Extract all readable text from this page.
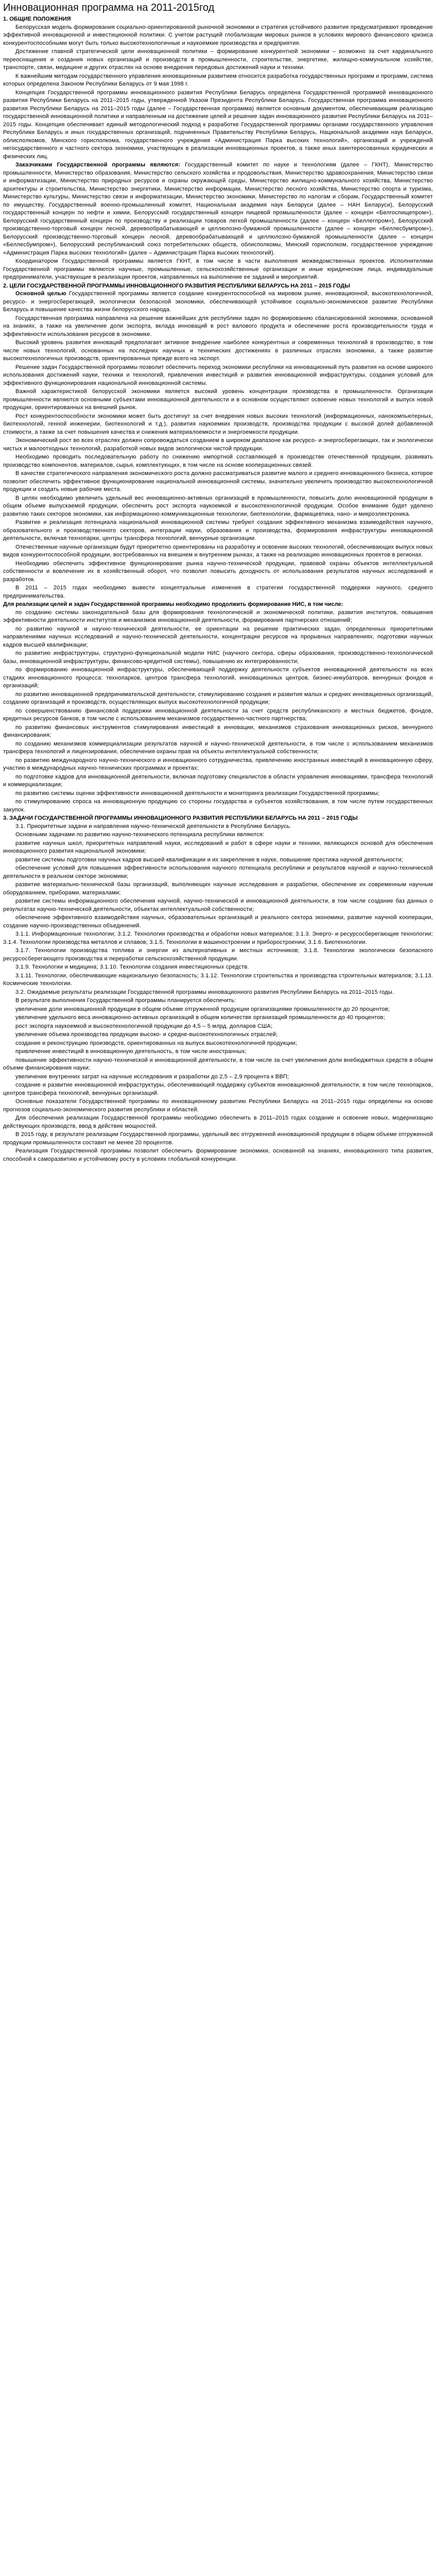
Инновационная программа на 2011-2015год
1. ОБЩИЕ ПОЛОЖЕНИЯ

Белорусская модель формирования социально-ориентированной рыночной экономики и стратегия устойчивого развития предусматривают проведение эффективной инновационной и инвестиционной политики. С учетом растущей глобализации мировых рынков в условиях мирового финансового кризиса конкурентоспособными могут быть только высокотехнологичные и наукоемкие производства и предприятия.

Достижение главной стратегической цели инновационной политики – формирование конкурентной экономики – возможно за счет кардинального переоснащения и создания новых организаций и производств в промышленности, строительстве, энергетике, жилищно-коммунальном хозяйстве, транспорте, связи, медицине и других отраслях на основе внедрения передовых достижений науки и техники.

К важнейшим методам государственного управления инновационным развитием относится разработка государственных программ и программ, система которых определена Законом Республики Беларусь от 9 мая 1998 г.

Концепция Государственной программы инновационного развития Республики Беларусь определена Государственной программой инновационного развития Республики Беларусь на 2011–2015 годы, утвержденной Указом Президента Республики Беларусь. Государственная программа инновационного развития Республики Беларусь на 2011–2015 годы (далее – Государственная программа) является основным документом, обеспечивающим реализацию государственной инновационной политики и направленным на достижение целей и решение задач инновационного развития Республики Беларусь на 2011–2015 годы. Концепция обеспечивает единый методологический подход к разработке Государственной программы органами государственного управления Республики Беларусь и иных государственных организаций, подчиненных Правительству Республики Беларусь, Национальной академии наук Беларуси, облисполкомов, Минского горисполкома, государственного учреждения «Администрация Парка высоких технологий», организаций и учреждений негосударственного и частного сектора экономики, участвующих в реализации инновационных проектов, а также иных заинтересованных юридических и физических лиц.

Заказчиками Государственной программы являются: Государственный комитет по науке и технологиям (далее – ГКНТ), Министерство промышленности, Министерство образования, Министерство сельского хозяйства и продовольствия, Министерство здравоохранения, Министерство связи и информатизации, Министерство природных ресурсов и охраны окружающей среды, Министерство жилищно-коммунального хозяйства, Министерство архитектуры и строительства, Министерство энергетики, Министерство информации, Министерство лесного хозяйства, Министерство спорта и туризма, Министерство культуры, Министерство связи и информатизации, Министерство экономики, Министерство по налогам и сборам, Государственный комитет по имуществу, Государственный военно-промышленный комитет, Национальная академия наук Беларуси (далее – НАН Беларуси), Белорусский государственный концерн по нефти и химии, Белорусский государственный концерн пищевой промышленности (далее – концерн «Белгоспищепром»), Белорусский государственный концерн по производству и реализации товаров легкой промышленности (далее – концерн «Беллегпром»), Белорусский производственно-торговый концерн лесной, деревообрабатывающей и целлюлозно-бумажной промышленности (далее – концерн «Беллесбумпром»), Белорусский производственно-торговый концерн лесной, деревообрабатывающей и целлюлозно-бумажной промышленности (далее – концерн «Беллесбумпром»), Белорусский республиканский союз потребительских обществ, облисполкомы, Минский горисполком, государственное учреждение «Администрация Парка высоких технологий» (далее – Администрация Парка высоких технологий).

Координатором Государственной программы является ГКНТ, в том числе в части выполнения межведомственных проектов. Исполнителями Государственной программы являются научные, промышленные, сельскохозяйственные организации и иные юридические лица, индивидуальные предприниматели, участвующие в реализации проектов, направленных на выполнение ее заданий и мероприятий.

2. ЦЕЛИ ГОСУДАРСТВЕННОЙ ПРОГРАММЫ ИННОВАЦИОННОГО РАЗВИТИЯ РЕСПУБЛИКИ БЕЛАРУСЬ НА 2011 – 2015 ГОДЫ

Основной целью Государственной программы является создание конкурентоспособной на мировом рынке, инновационной, высокотехнологичной, ресурсо- и энергосберегающей, экологически безопасной экономики, обеспечивающей устойчивое социально-экономическое развитие Республики Беларусь и повышение качества жизни белорусского народа.

Государственная программа направлена на решение важнейших для республики задач по формированию сбалансированной экономики, основанной на знаниях, а также на увеличение доли экспорта, вклада инноваций в рост валового продукта и обеспечение роста производительности труда и эффективности использования ресурсов в экономике.

Высокий уровень развития инноваций предполагает активное внедрение наиболее конкурентных и современных технологий в производство, в том числе новых технологий, основанных на последних научных и технических достижениях в различных отраслях экономики, а также развитие высокотехнологичных производств, ориентированных прежде всего на экспорт.

Решение задач Государственной программы позволит обеспечить переход экономики республики на инновационный путь развития на основе широкого использования достижений науки, техники и технологий, привлечения инвестиций и развития инновационной инфраструктуры, создания условий для эффективного функционирования национальной инновационной системы.

Важной характеристикой белорусской экономики является высокий уровень концентрации производства в промышленности. Организации промышленности являются основными субъектами инновационной деятельности и в основном осуществляют освоение новых технологий и выпуск новой продукции, ориентированных на внешний рынок.

Рост конкурентоспособности экономики может быть достигнут за счет внедрения новых высоких технологий (информационных, нанокомпьютерных, биотехнологий, генной инженерии, биотехнологий и т.д.), развития наукоемких производств, производства продукции с высокой долей добавленной стоимости, а также за счет повышения качества и снижения материалоемкости и энергоемкости продукции.

Экономический рост во всех отраслях должен сопровождаться созданием в широком диапазоне как ресурсо- и энергосберегающих, так и экологически чистых и малоотходных технологий, разработкой новых видов экологически чистой продукции.

Необходимо проводить последовательную работу по снижению импортной составляющей в производстве отечественной продукции, развивать производство компонентов, материалов, сырья, комплектующих, в том числе на основе кооперационных связей.

В качестве стратегического направления экономического роста должно рассматриваться развитие малого и среднего инновационного бизнеса, которое позволит обеспечить эффективное функционирование национальной инновационной системы, значительно увеличить производство высокотехнологичной продукции и создать новые рабочие места.

В целях необходимо увеличить удельный вес инновационно-активных организаций в промышленности, повысить долю инновационной продукции в общем объеме выпускаемой продукции, обеспечить рост экспорта наукоемкой и высокотехнологичной продукции. Особое внимание будет уделено развитию таких секторов экономики, как информационно-коммуникационные технологии, биотехнологии, фармацевтика, нано- и микроэлектроника.

Развитие и реализация потенциала национальной инновационной системы требуют создания эффективного механизма взаимодействия научного, образовательного и производственного секторов, интеграции науки, образования и производства, формирования инфраструктуры инновационной деятельности, включая технопарки, центры трансфера технологий, венчурные организации.

Отечественные научные организации будут приоритетно ориентированы на разработку и освоение высоких технологий, обеспечивающих выпуск новых видов конкурентоспособной продукции, востребованных на внешнем и внутреннем рынках, а также на реализацию инновационных проектов в регионах.

Необходимо обеспечить эффективное функционирование рынка научно-технической продукции, правовой охраны объектов интеллектуальной собственности и вовлечение их в хозяйственный оборот, что позволит повысить доходность от использования результатов научных исследований и разработок.

В 2011 – 2015 годах необходимо вывести концептуальные изменения в стратегии государственной поддержки научного, среднего предпринимательства.

Для реализации целей и задач Государственной программы необходимо продолжить формирование НИС, в том числе:

по созданию системы законодательной базы для формирования технологической и экономической политики, развития институтов, повышения эффективности деятельности институтов и механизмов инновационной деятельности, формирования партнерских отношений;

по развитию научной и научно-технической деятельности, ее ориентации на решение практических задач, определенных приоритетными направлениями научных исследований и научно-технической деятельности, концентрации ресурсов на прорывных направлениях, подготовки научных кадров высшей квалификации;

по развитию инфраструктуры, структурно-функциональной модели НИС (научного сектора, сферы образования, производственно-технологической базы, инновационной инфраструктуры, финансово-кредитной системы), повышению их интегрированности;

по формированию инновационной инфраструктуры, обеспечивающей поддержку деятельности субъектов инновационной деятельности на всех стадиях инновационного процесса: технопарков, центров трансфера технологий, инновационных центров, бизнес-инкубаторов, венчурных фондов и организаций;

по развитию инновационной предпринимательской деятельности, стимулированию создания и развития малых и средних инновационных организаций, созданию организаций и производств, осуществляющих выпуск высокотехнологичной продукции;

по совершенствованию финансовой поддержки инновационной деятельности за счет средств республиканского и местных бюджетов, фондов, кредитных ресурсов банков, в том числе с использованием механизмов государственно-частного партнерства;

по развитию финансовых инструментов стимулирования инвестиций в инновации, механизмов страхования инновационных рисков, венчурного финансирования;

по созданию механизмов коммерциализации результатов научной и научно-технической деятельности, в том числе с использованием механизмов трансфера технологий и лицензирования, обеспечения охраны прав на объекты интеллектуальной собственности;

по развитию международного научно-технического и инновационного сотрудничества, привлечению иностранных инвестиций в инновационную сферу, участию в международных научно-технических программах и проектах;

по подготовке кадров для инновационной деятельности, включая подготовку специалистов в области управления инновациями, трансфера технологий и коммерциализации;

по развитию системы оценки эффективности инновационной деятельности и мониторинга реализации Государственной программы;

по стимулированию спроса на инновационную продукцию со стороны государства и субъектов хозяйствования, в том числе путем государственных закупок.

3. ЗАДАЧИ ГОСУДАРСТВЕННОЙ ПРОГРАММЫ ИННОВАЦИОННОГО РАЗВИТИЯ РЕСПУБЛИКИ БЕЛАРУСЬ НА 2011 – 2015 ГОДЫ

3.1. Приоритетные задачи и направления научно-технической деятельности в Республике Беларусь.

Основными задачами по развитию научно-технического потенциала республики являются:

развитие научных школ, приоритетных направлений науки, исследований и работ в сфере науки и техники, являющихся основой для обеспечения инновационного развития национальной экономики;

развитие системы подготовки научных кадров высшей квалификации и их закрепление в науке, повышение престижа научной деятельности;

обеспечение условий для повышения эффективности использования научного потенциала республики и результатов научной и научно-технической деятельности в реальном секторе экономики;

развитие материально-технической базы организаций, выполняющих научные исследования и разработки, обеспечение их современным научным оборудованием, приборами, материалами;

развитие системы информационного обеспечения научной, научно-технической и инновационной деятельности, в том числе создание баз данных о результатах научно-технической деятельности, объектах интеллектуальной собственности;

обеспечение эффективного взаимодействия научных, образовательных организаций и реального сектора экономики, развитие научной кооперации, создание научно-производственных объединений.

3.1.1. Информационные технологии; 3.1.2. Технологии производства и обработки новых материалов; 3.1.3. Энерго- и ресурсосберегающие технологии; 3.1.4. Технологии производства металлов и сплавов; 3.1.5. Технологии в машиностроении и приборостроении; 3.1.6. Биотехнологии.

3.1.7. Технологии производства топлива и энергии из альтернативных и местных источников; 3.1.8. Технологии экологически безопасного ресурсосберегающего производства и переработки сельскохозяйственной продукции.

3.1.9. Технологии и медицина; 3.1.10. Технологии создания инвестиционных средств.

3.1.11. Технологии, обеспечивающие национальную безопасность; 3.1.12. Технологии строительства и производства строительных материалов; 3.1.13. Космические технологии.

3.2. Ожидаемые результаты реализации Государственной программы инновационного развития Республики Беларусь на 2011–2015 годы.

В результате выполнения Государственной программы планируется обеспечить:

увеличение доли инновационной продукции в общем объеме отгруженной продукции организациями промышленности до 20 процентов;

увеличение удельного веса инновационно-активных организаций в общем количестве организаций промышленности до 40 процентов;

рост экспорта наукоемкой и высокотехнологичной продукции до 4,5 – 5 млрд. долларов США;

увеличение объема производства продукции высоко- и средне-высокотехнологичных отраслей;

создание и реконструкцию производств, ориентированных на выпуск высокотехнологичной продукции;

привлечение инвестиций в инновационную деятельность, в том числе иностранных;

повышение эффективности научно-технической и инновационной деятельности, в том числе за счет увеличения доли внебюджетных средств в общем объеме финансирования науки;

увеличение внутренних затрат на научные исследования и разработки до 2,5 – 2,9 процента к ВВП;

создание и развитие инновационной инфраструктуры, обеспечивающей поддержку субъектов инновационной деятельности, в том числе технопарков, центров трансфера технологий, венчурных организаций.

Основные показатели Государственной программы по инновационному развитию Республики Беларусь на 2011–2015 годы определены на основе прогнозов социально-экономического развития республики и областей.

Для обеспечения реализации Государственной программы необходимо обеспечить в 2011–2015 годах создание и освоение новых, модернизацию действующих производств, ввод в действие мощностей.

В 2015 году, в результате реализации Государственной программы, удельный вес отгруженной инновационной продукции в общем объеме отгруженной продукции промышленности составит не менее 20 процентов.

Реализация Государственной программы позволит обеспечить формирование экономики, основанной на знаниях, инновационного типа развития, способной к саморазвитию и устойчивому росту в условиях глобальной конкуренции.
